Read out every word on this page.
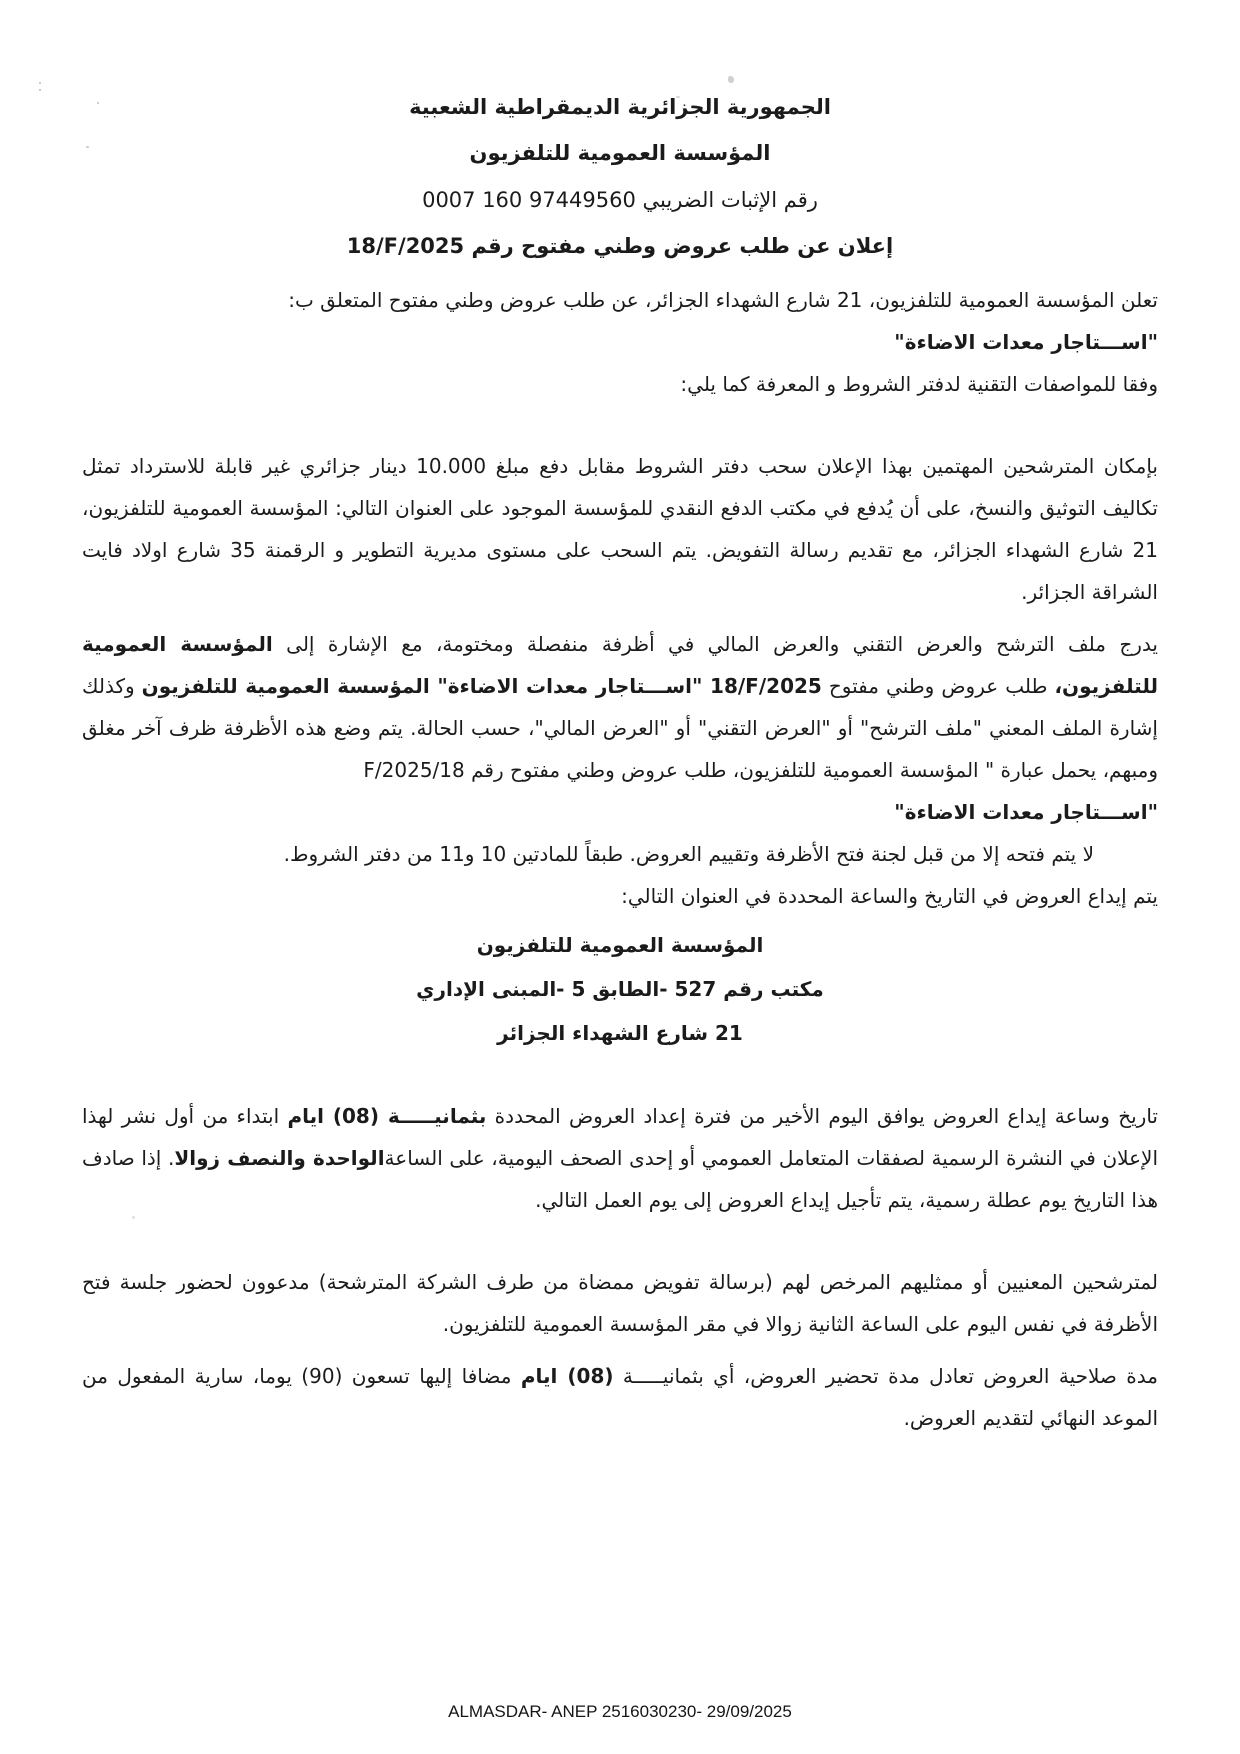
الجمهورية الجزائرية الديمقراطية الشعبية

المؤسسة العمومية للتلفزيون

رقم الإثبات الضريبي 0007 160 97449560

إعلان عن طلب عروض وطني مفتوح رقم 18/F/2025

تعلن المؤسسة العمومية للتلفزيون، 21 شارع الشهداء الجزائر، عن طلب عروض وطني مفتوح المتعلق ب:

"اســـتاجار معدات الاضاءة"

وفقا للمواصفات التقنية لدفتر الشروط و المعرفة كما يلي:

بإمكان المترشحين المهتمين بهذا الإعلان سحب دفتر الشروط مقابل دفع مبلغ 10.000 دينار جزائري غير قابلة للاسترداد تمثل تكاليف التوثيق والنسخ، على أن يُدفع في مكتب الدفع النقدي للمؤسسة الموجود على العنوان التالي: المؤسسة العمومية للتلفزيون، 21 شارع الشهداء الجزائر، مع تقديم رسالة التفويض. يتم السحب على مستوى مديرية التطوير و الرقمنة 35 شارع اولاد فايت الشراقة الجزائر.

يدرج ملف الترشح والعرض التقني والعرض المالي في أظرفة منفصلة ومختومة، مع الإشارة إلى المؤسسة العمومية للتلفزيون، طلب عروض وطني مفتوح 18/F/2025 "اســـتاجار معدات الاضاءة" المؤسسة العمومية للتلفزيون وكذلك إشارة الملف المعني "ملف الترشح" أو "العرض التقني" أو "العرض المالي"، حسب الحالة. يتم وضع هذه الأظرفة ظرف آخر مغلق ومبهم، يحمل عبارة " المؤسسة العمومية للتلفزيون، طلب عروض وطني مفتوح رقم F/2025/18

"اســـتاجار معدات الاضاءة"

لا يتم فتحه إلا من قبل لجنة فتح الأظرفة وتقييم العروض. طبقاً للمادتين 10 و11 من دفتر الشروط.

يتم إيداع العروض في التاريخ والساعة المحددة في العنوان التالي:

المؤسسة العمومية للتلفزيون

مكتب رقم 527 -الطابق 5 -المبنى الإداري

21 شارع الشهداء الجزائر

تاريخ وساعة إيداع العروض يوافق اليوم الأخير من فترة إعداد العروض المحددة بثمانيـــــة (08) ايام ابتداء من أول نشر لهذا الإعلان في النشرة الرسمية لصفقات المتعامل العمومي أو إحدى الصحف اليومية، على الساعةالواحدة والنصف زوالا. إذا صادف هذا التاريخ يوم عطلة رسمية، يتم تأجيل إيداع العروض إلى يوم العمل التالي.

لمترشحين المعنيين أو ممثليهم المرخص لهم (برسالة تفويض ممضاة من طرف الشركة المترشحة) مدعوون لحضور جلسة فتح الأظرفة في نفس اليوم على الساعة الثانية زوالا في مقر المؤسسة العمومية للتلفزيون.

مدة صلاحية العروض تعادل مدة تحضير العروض، أي بثمانيـــــة (08) ايام مضافا إليها تسعون (90) يوما، سارية المفعول من الموعد النهائي لتقديم العروض.

ALMASDAR- ANEP 2516030230- 29/09/2025
